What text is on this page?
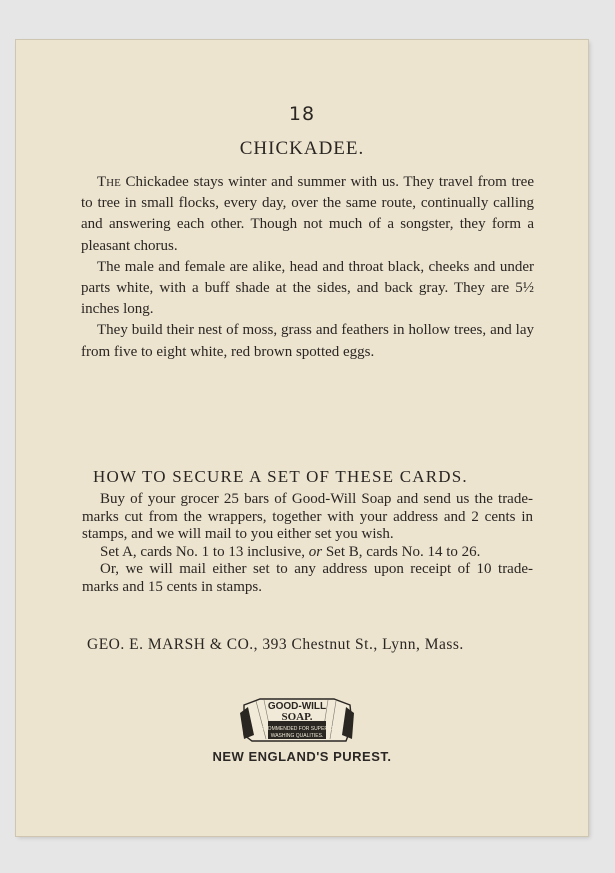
18
CHICKADEE.

The Chickadee stays winter and summer with us. They travel from tree to tree in small flocks, every day, over the same route, continually calling and answering each other. Though not much of a songster, they form a pleasant chorus.

The male and female are alike, head and throat black, cheeks and under parts white, with a buff shade at the sides, and back gray. They are 5½ inches long.

They build their nest of moss, grass and feathers in hollow trees, and lay from five to eight white, red brown spotted eggs.

HOW TO SECURE A SET OF THESE CARDS.

Buy of your grocer 25 bars of Good-Will Soap and send us the trade-marks cut from the wrappers, together with your address and 2 cents in stamps, and we will mail to you either set you wish.

Set A, cards No. 1 to 13 inclusive, or Set B, cards No. 14 to 26.

Or, we will mail either set to any address upon receipt of 10 trade-marks and 15 cents in stamps.

GEO. E. MARSH & CO., 393 Chestnut St., Lynn, Mass.
GOOD-WILL
SOAP.
RECOMMENDED FOR SUPERIOR
WASHING QUALITIES.
NEW ENGLAND'S PUREST.
